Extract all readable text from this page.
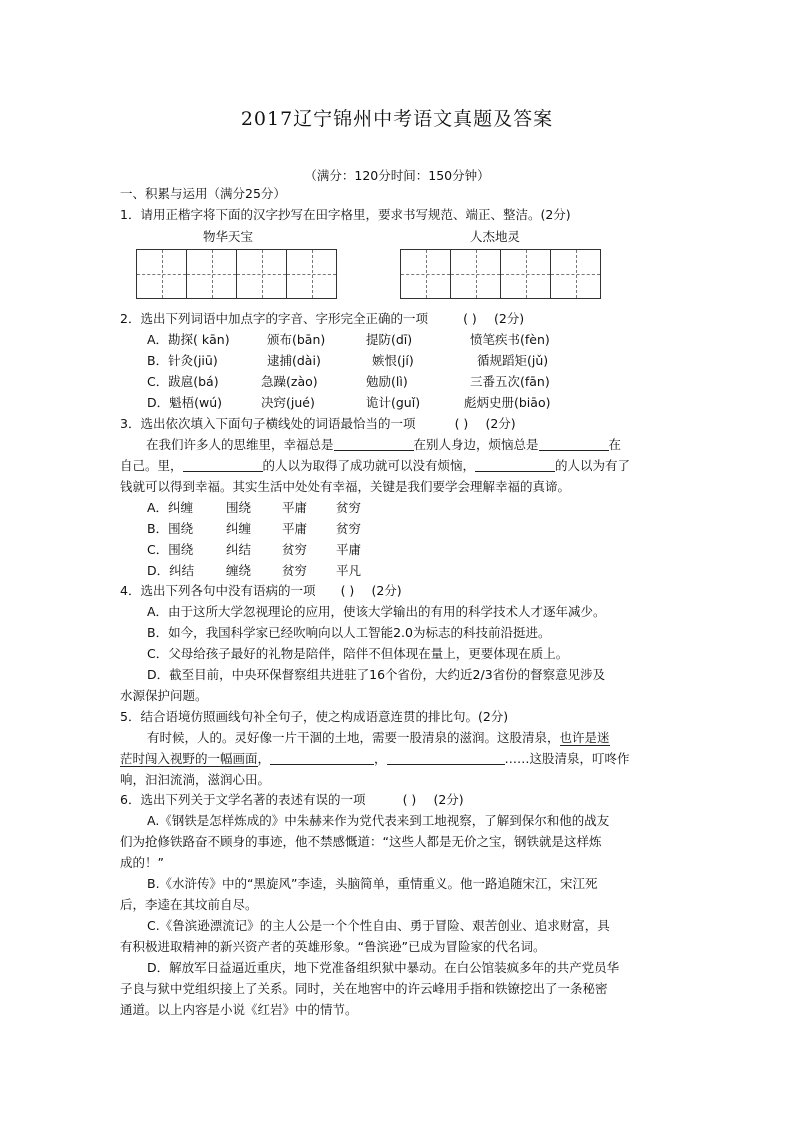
2017辽宁锦州中考语文真题及答案
（满分：120分时间：150分钟）
一、积累与运用（满分25分）
1．请用正楷字将下面的汉字抄写在田字格里，要求书写规范、端正、整洁。(2分)
物华天宝	人杰地灵
2．选出下列词语中加点字的字音、字形完全正确的一项	( ) (2分)
A．勘探( kān)	颁布(bān)	提防(dī)	愤笔疾书(fèn)
B．针灸(jiū)	逮捕(dài)	嫉恨(jí)	循规蹈矩(jǔ)
C．跋扈(bá)	急躁(zào)	勉励(lì)	三番五次(fān)
D．魁梧(wú)	决窍(jué)	诡计(guǐ)	彪炳史册(biāo)
3．选出依次填入下面句子横线处的词语最恰当的一项	( ) (2分)
在我们许多人的思维里，幸福总是	在别人身边，烦恼总是	在
自己。里，	的人以为取得了成功就可以没有烦恼，	的人以为有了
钱就可以得到幸福。其实生活中处处有幸福，关键是我们要学会理解幸福的真谛。
A．纠缠	围绕 平庸 贫穷
B．围绕	纠缠 平庸 贫穷
C．围绕	纠结 贫穷 平庸
D．纠结	缠绕 贫穷 平凡
4．选出下列各句中没有语病的一项 ( ) (2分)
A．由于这所大学忽视理论的应用，使该大学输出的有用的科学技术人才逐年减少。
B．如今，我国科学家已经吹响向以人工智能2.0为标志的科技前沿挺进。
C．父母给孩子最好的礼物是陪伴，陪伴不但体现在量上，更要体现在质上。
D．截至目前，中央环保督察组共进驻了16个省份，大约近2/3省份的督察意见涉及
水源保护问题。
5．结合语境仿照画线句补全句子，使之构成语意连贯的排比句。(2分)
有时候，人的。灵好像一片干涸的土地，需要一股清泉的滋润。这股清泉，也许是迷
茫时闯入视野的一幅画面，	，	……这股清泉，叮咚作
响，汩汩流淌，滋润心田。
6．选出下列关于文学名著的表述有误的一项	( ) (2分)
A.《钢铁是怎样炼成的》中朱赫来作为党代表来到工地视察，了解到保尔和他的战友
们为抢修铁路奋不顾身的事迹，他不禁感慨道：“这些人都是无价之宝，钢铁就是这样炼
成的！”
B.《水浒传》中的“黑旋风”李逵，头脑简单，重情重义。他一路追随宋江，宋江死
后，李逵在其坟前自尽。
C.《鲁滨逊漂流记》的主人公是一个个性自由、勇于冒险、艰苦创业、追求财富，具
有积极进取精神的新兴资产者的英雄形象。“鲁滨逊”已成为冒险家的代名词。
D．解放军日益逼近重庆，地下党准备组织狱中暴动。在白公馆装疯多年的共产党员华
子良与狱中党组织接上了关系。同时，关在地窖中的许云峰用手指和铁镣挖出了一条秘密
通道。以上内容是小说《红岩》中的情节。
